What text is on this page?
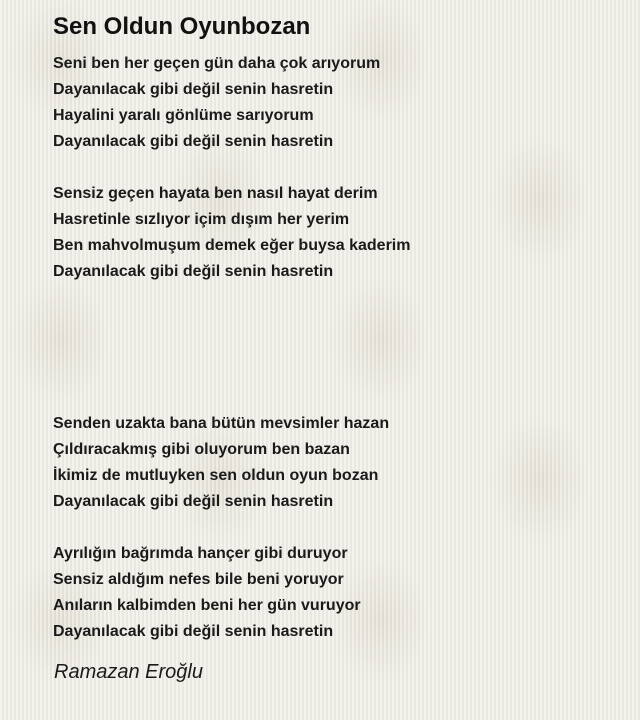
Sen Oldun Oyunbozan
Seni ben her geçen gün daha çok arıyorum
Dayanılacak gibi değil senin hasretin
Hayalini yaralı gönlüme sarıyorum
Dayanılacak gibi değil senin hasretin
Sensiz geçen hayata ben nasıl hayat derim
Hasretinle sızlıyor içim dışım her yerim
Ben mahvolmuşum demek eğer buysa kaderim
Dayanılacak gibi değil senin hasretin
Senden uzakta bana bütün mevsimler hazan
Çıldıracakmış gibi oluyorum ben bazan
İkimiz de mutluyken sen oldun oyun bozan
Dayanılacak gibi değil senin hasretin
Ayrılığın bağrımda hançer gibi duruyor
Sensiz aldığım nefes bile beni yoruyor
Anıların kalbimden beni her gün vuruyor
Dayanılacak gibi değil senin hasretin
Ramazan Eroğlu
